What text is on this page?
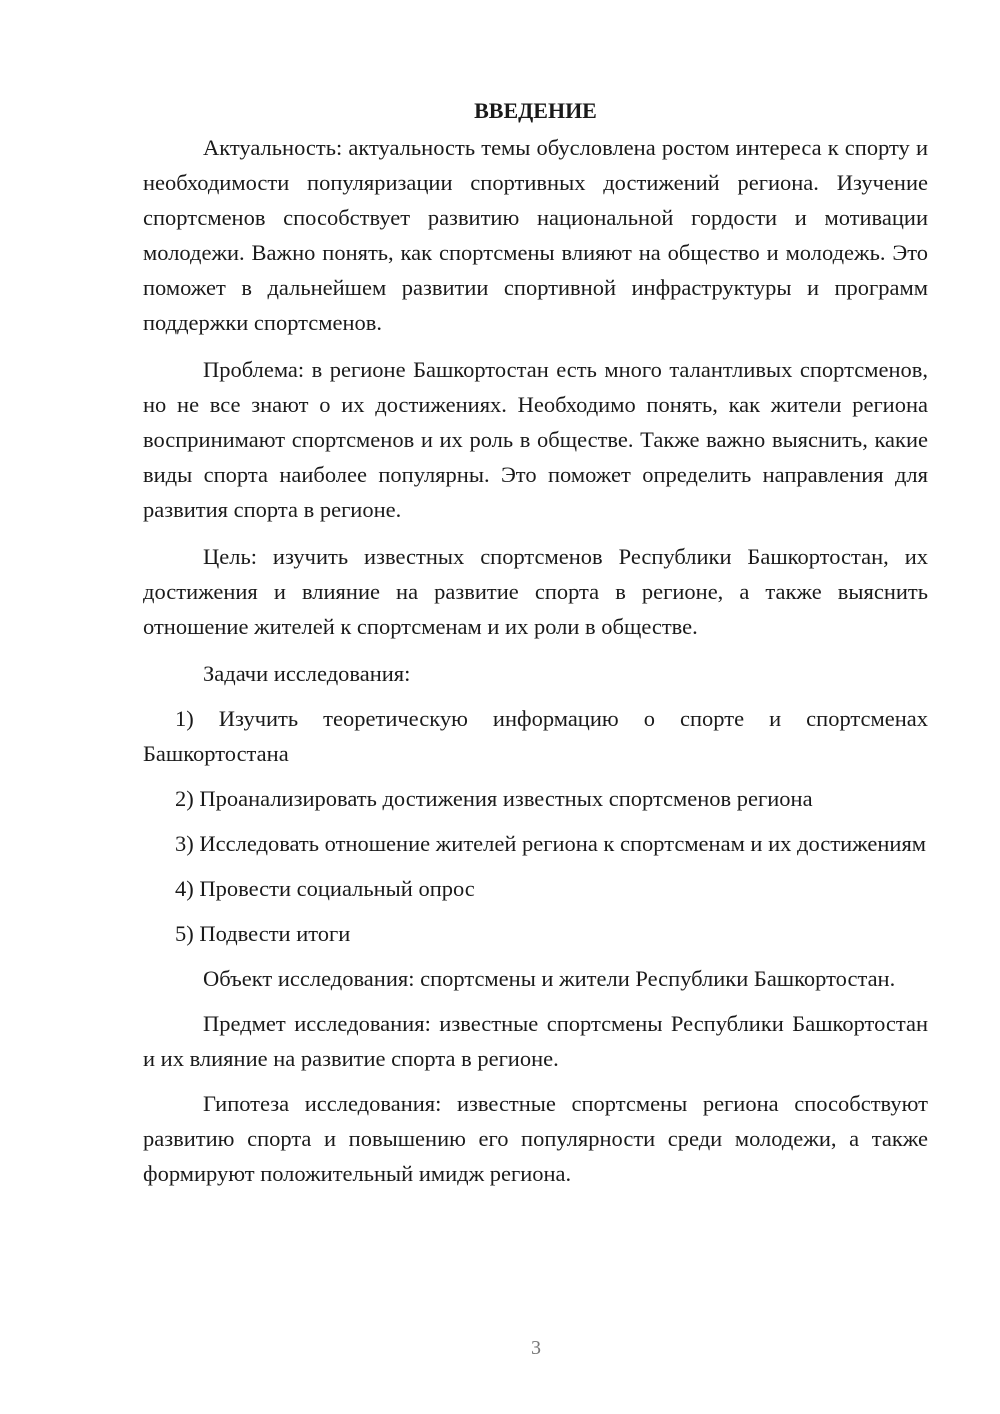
ВВЕДЕНИЕ

Актуальность: актуальность темы обусловлена ростом интереса к спорту и необходимости популяризации спортивных достижений региона. Изучение спортсменов способствует развитию национальной гордости и мотивации молодежи. Важно понять, как спортсмены влияют на общество и молодежь. Это поможет в дальнейшем развитии спортивной инфраструктуры и программ поддержки спортсменов.

Проблема: в регионе Башкортостан есть много талантливых спортсменов, но не все знают о их достижениях. Необходимо понять, как жители региона воспринимают спортсменов и их роль в обществе. Также важно выяснить, какие виды спорта наиболее популярны. Это поможет определить направления для развития спорта в регионе.

Цель: изучить известных спортсменов Республики Башкортостан, их достижения и влияние на развитие спорта в регионе, а также выяснить отношение жителей к спортсменам и их роли в обществе.

Задачи исследования:

1) Изучить теоретическую информацию о спорте и спортсменах Башкортостана

2) Проанализировать достижения известных спортсменов региона

3) Исследовать отношение жителей региона к спортсменам и их достижениям

4) Провести социальный опрос

5) Подвести итоги

Объект исследования: спортсмены и жители Республики Башкортостан.

Предмет исследования: известные спортсмены Республики Башкортостан и их влияние на развитие спорта в регионе.

Гипотеза исследования: известные спортсмены региона способствуют развитию спорта и повышению его популярности среди молодежи, а также формируют положительный имидж региона.

3
